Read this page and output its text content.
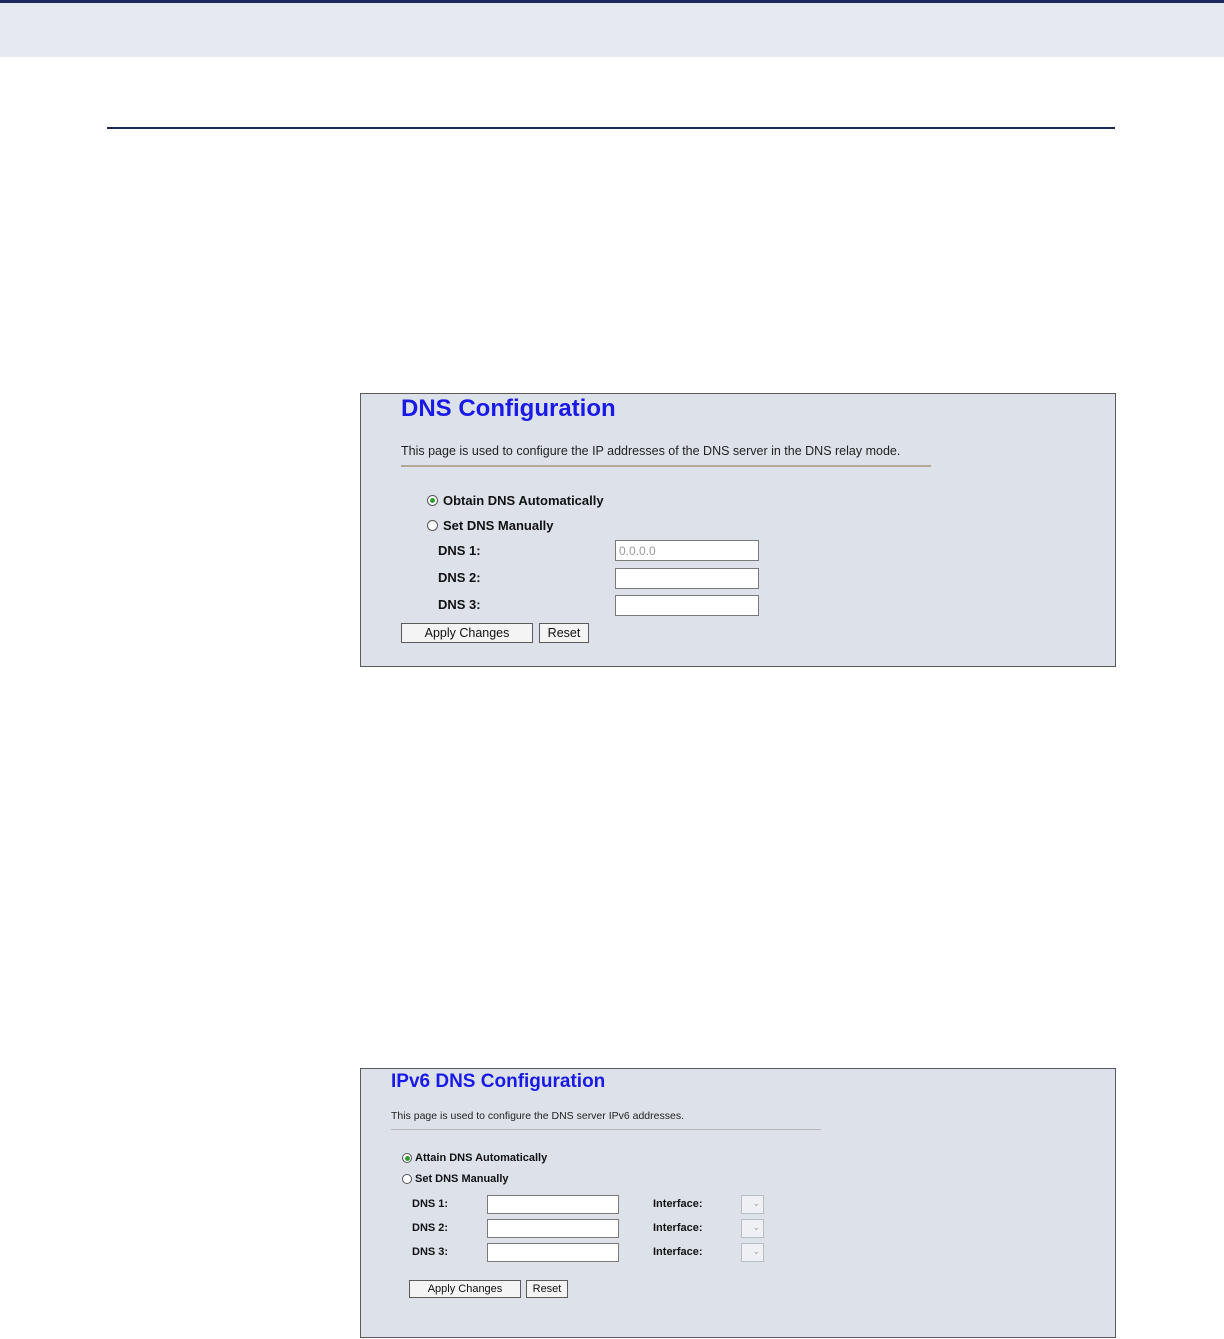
DNS Configuration
This page is used to configure the IP addresses of the DNS server in the DNS relay mode.
Obtain DNS Automatically
Set DNS Manually
DNS 1:
0.0.0.0
DNS 2:
DNS 3:
Apply Changes	Reset
IPv6 DNS Configuration
This page is used to configure the DNS server IPv6 addresses.
Attain DNS Automatically
Set DNS Manually
DNS 1:	Interface:	⌄
DNS 2:	Interface:	⌄
DNS 3:	Interface:	⌄
Apply Changes	Reset
